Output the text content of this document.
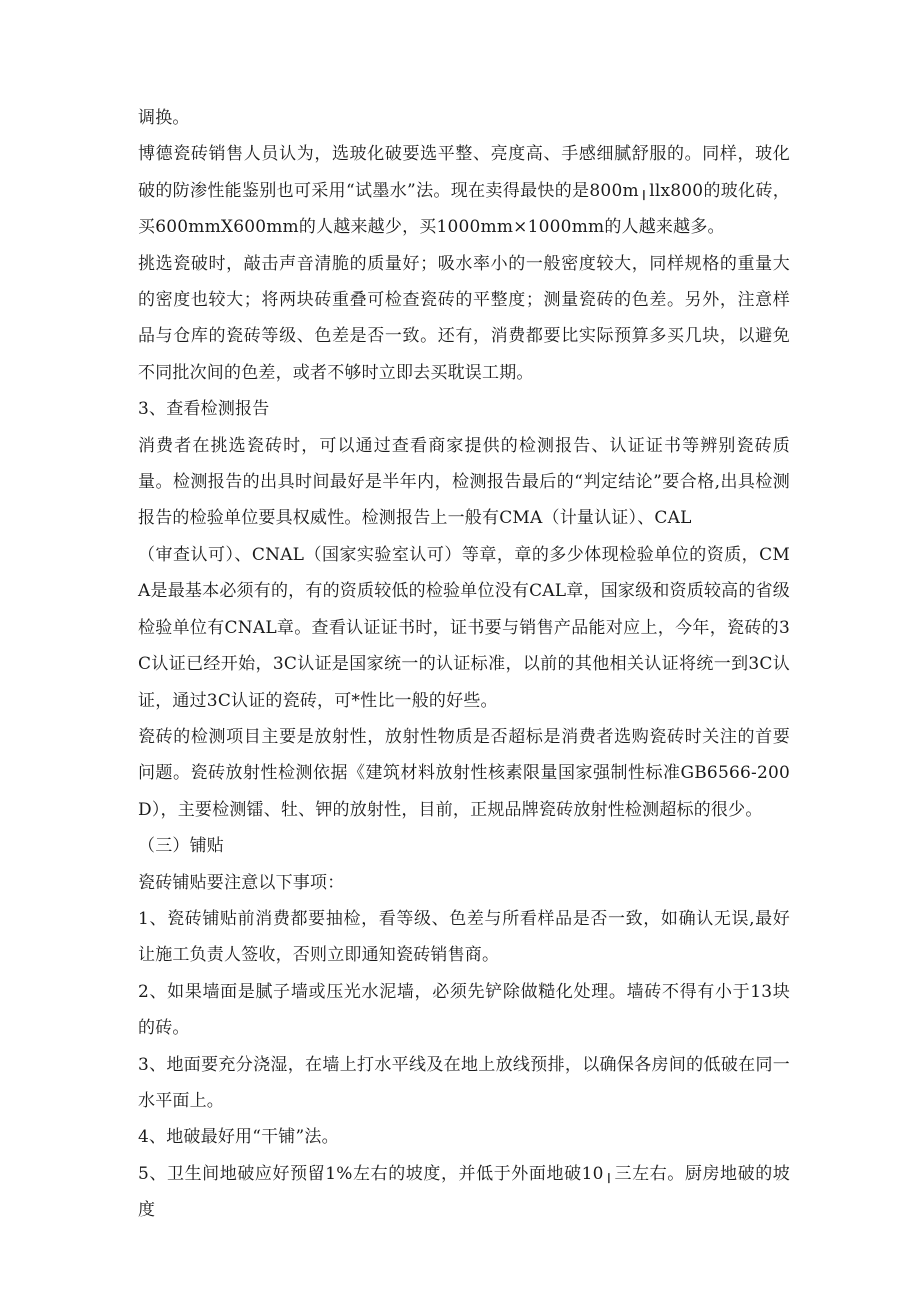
调换。

博德瓷砖销售人员认为，选玻化破要选平整、亮度高、手感细腻舒服的。同样，玻化破的防渗性能鉴别也可采用“试墨水”法。现在卖得最快的是800m╷llx800的玻化砖，买600mmX600mm的人越来越少，买1000mm×1000mm的人越来越多。

挑选瓷破时，敲击声音清脆的质量好；吸水率小的一般密度较大，同样规格的重量大的密度也较大；将两块砖重叠可检查瓷砖的平整度；测量瓷砖的色差。另外，注意样品与仓库的瓷砖等级、色差是否一致。还有，消费都要比实际预算多买几块，以避免不同批次间的色差，或者不够时立即去买耽误工期。

3、查看检测报告

消费者在挑选瓷砖时，可以通过查看商家提供的检测报告、认证证书等辨别瓷砖质量。检测报告的出具时间最好是半年内，检测报告最后的“判定结论”要合格,出具检测报告的检验单位要具权威性。检测报告上一般有CMA（计量认证）、CAL

（审查认可）、CNAL（国家实验室认可）等章，章的多少体现检验单位的资质，CMA是最基本必须有的，有的资质较低的检验单位没有CAL章，国家级和资质较高的省级检验单位有CNAL章。查看认证证书时，证书要与销售产品能对应上，今年，瓷砖的3C认证已经开始，3C认证是国家统一的认证标准，以前的其他相关认证将统一到3C认证，通过3C认证的瓷砖，可*性比一般的好些。

瓷砖的检测项目主要是放射性，放射性物质是否超标是消费者选购瓷砖时关注的首要问题。瓷砖放射性检测依据《建筑材料放射性核素限量国家强制性标准GB6566-200D），主要检测镭、牡、钾的放射性，目前，正规品牌瓷砖放射性检测超标的很少。

（三）铺贴

瓷砖铺贴要注意以下事项：

1、瓷砖铺贴前消费都要抽检，看等级、色差与所看样品是否一致，如确认无误,最好让施工负责人签收，否则立即通知瓷砖销售商。

2、如果墙面是腻子墙或压光水泥墙，必须先铲除做糙化处理。墙砖不得有小于13块的砖。

3、地面要充分浇湿，在墙上打水平线及在地上放线预排，以确保各房间的低破在同一水平面上。

4、地破最好用“干铺”法。

5、卫生间地破应好预留1%左右的坡度，并低于外面地破10╷三左右。厨房地破的坡度
